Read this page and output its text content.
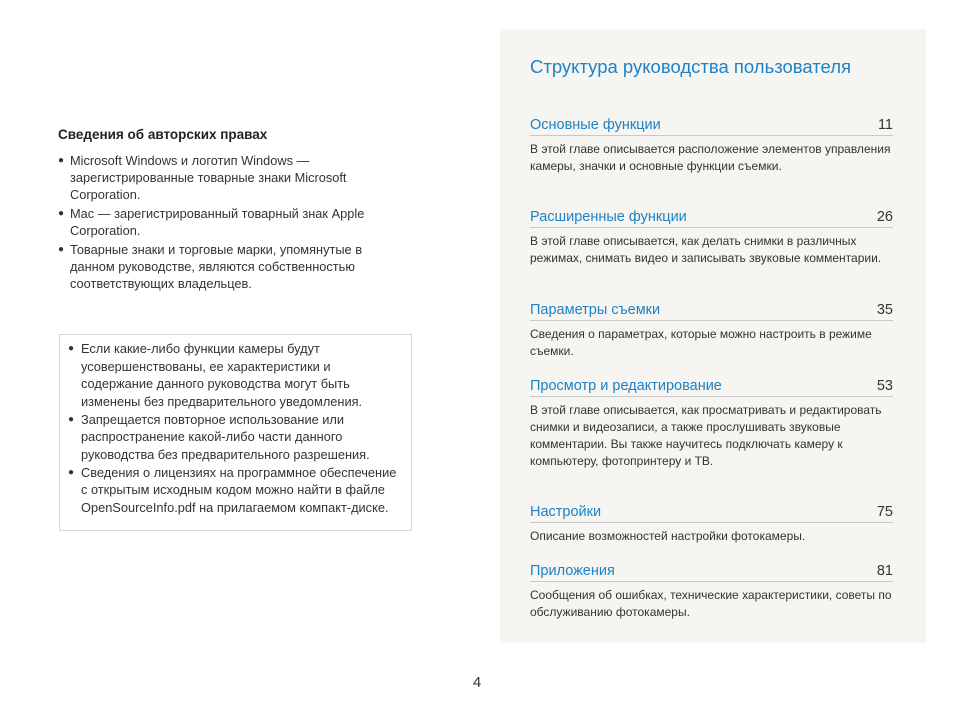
Сведения об авторских правах
● Microsoft Windows и логотип Windows — зарегистрированные товарные знаки Microsoft Corporation.
● Mac — зарегистрированный товарный знак Apple Corporation.
● Товарные знаки и торговые марки, упомянутые в данном руководстве, являются собственностью соответствующих владельцев.
● Если какие-либо функции камеры будут усовершенствованы, ее характеристики и содержание данного руководства могут быть изменены без предварительного уведомления.
● Запрещается повторное использование или распространение какой-либо части данного руководства без предварительного разрешения.
● Сведения о лицензиях на программное обеспечение с открытым исходным кодом можно найти в файле OpenSourceInfo.pdf на прилагаемом компакт-диске.
Структура руководства пользователя
Основные функции	11
В этой главе описывается расположение элементов управления камеры, значки и основные функции съемки.
Расширенные функции	26
В этой главе описывается, как делать снимки в различных режимах, снимать видео и записывать звуковые комментарии.
Параметры съемки	35
Сведения о параметрах, которые можно настроить в режиме съемки.
Просмотр и редактирование	53
В этой главе описывается, как просматривать и редактировать снимки и видеозаписи, а также прослушивать звуковые комментарии. Вы также научитесь подключать камеру к компьютеру, фотопринтеру и ТВ.
Настройки	75
Описание возможностей настройки фотокамеры.
Приложения	81
Сообщения об ошибках, технические характеристики, советы по обслуживанию фотокамеры.
4
